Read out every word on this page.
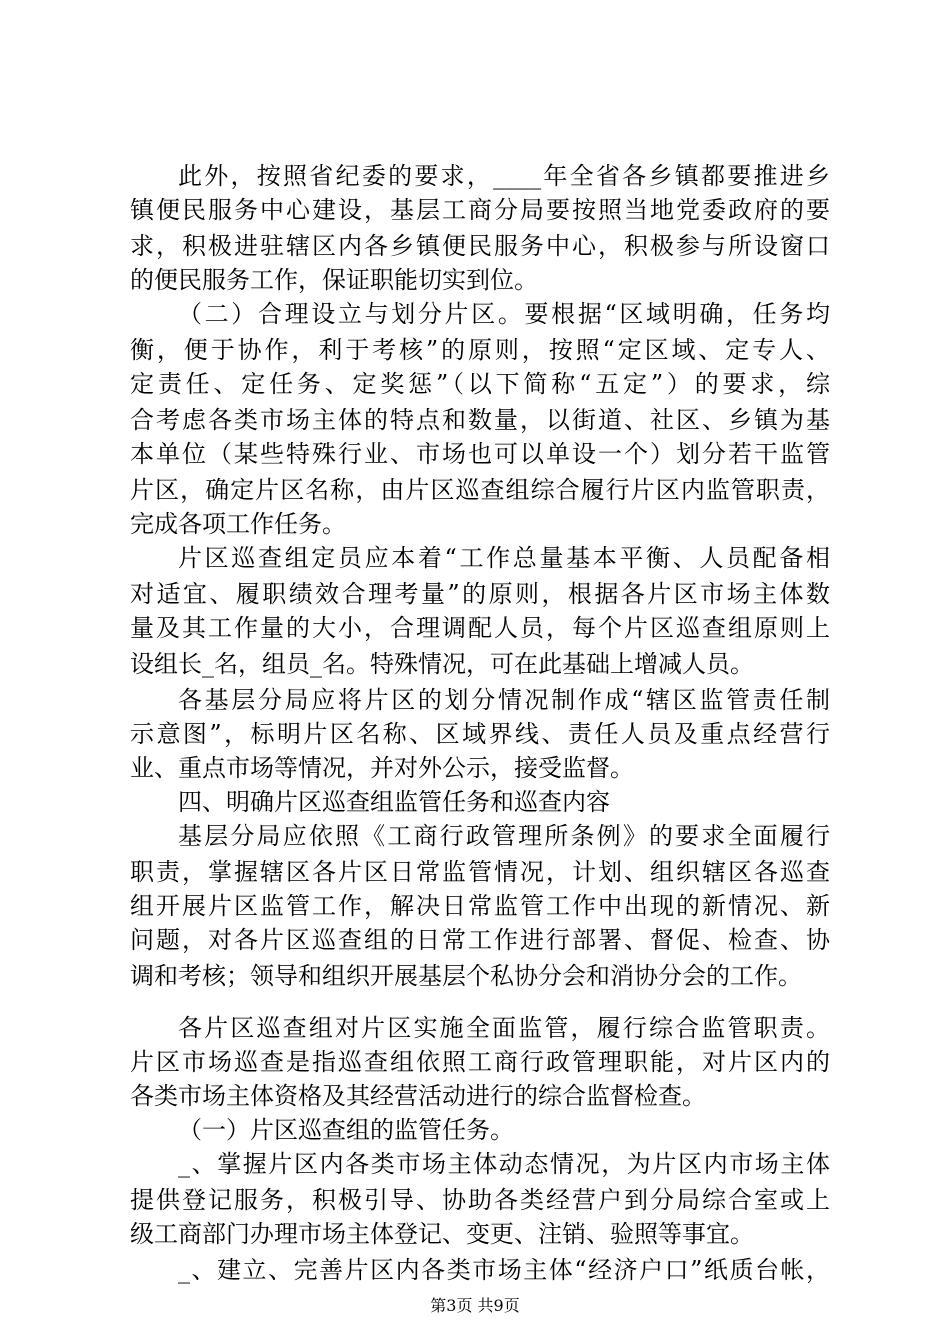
此外，按照省纪委的要求，____年全省各乡镇都要推进乡
镇便民服务中心建设，基层工商分局要按照当地党委政府的要
求，积极进驻辖区内各乡镇便民服务中心，积极参与所设窗口
的便民服务工作，保证职能切实到位。
（二）合理设立与划分片区。要根据“区域明确，任务均
衡，便于协作，利于考核”的原则，按照“定区域、定专人、
定责任、定任务、定奖惩”（以下简称“五定”）的要求，综
合考虑各类市场主体的特点和数量，以街道、社区、乡镇为基
本单位（某些特殊行业、市场也可以单设一个）划分若干监管
片区，确定片区名称，由片区巡查组综合履行片区内监管职责，
完成各项工作任务。
片区巡查组定员应本着“工作总量基本平衡、人员配备相
对适宜、履职绩效合理考量”的原则，根据各片区市场主体数
量及其工作量的大小，合理调配人员，每个片区巡查组原则上
设组长_名，组员_名。特殊情况，可在此基础上增减人员。
各基层分局应将片区的划分情况制作成“辖区监管责任制
示意图”，标明片区名称、区域界线、责任人员及重点经营行
业、重点市场等情况，并对外公示，接受监督。
四、明确片区巡查组监管任务和巡查内容
基层分局应依照《工商行政管理所条例》的要求全面履行
职责，掌握辖区各片区日常监管情况，计划、组织辖区各巡查
组开展片区监管工作，解决日常监管工作中出现的新情况、新
问题，对各片区巡查组的日常工作进行部署、督促、检查、协
调和考核；领导和组织开展基层个私协分会和消协分会的工作。
各片区巡查组对片区实施全面监管，履行综合监管职责。
片区市场巡查是指巡查组依照工商行政管理职能，对片区内的
各类市场主体资格及其经营活动进行的综合监督检查。
（一）片区巡查组的监管任务。
_、掌握片区内各类市场主体动态情况，为片区内市场主体
提供登记服务，积极引导、协助各类经营户到分局综合室或上
级工商部门办理市场主体登记、变更、注销、验照等事宜。
_、建立、完善片区内各类市场主体“经济户口”纸质台帐，
第3页 共9页
